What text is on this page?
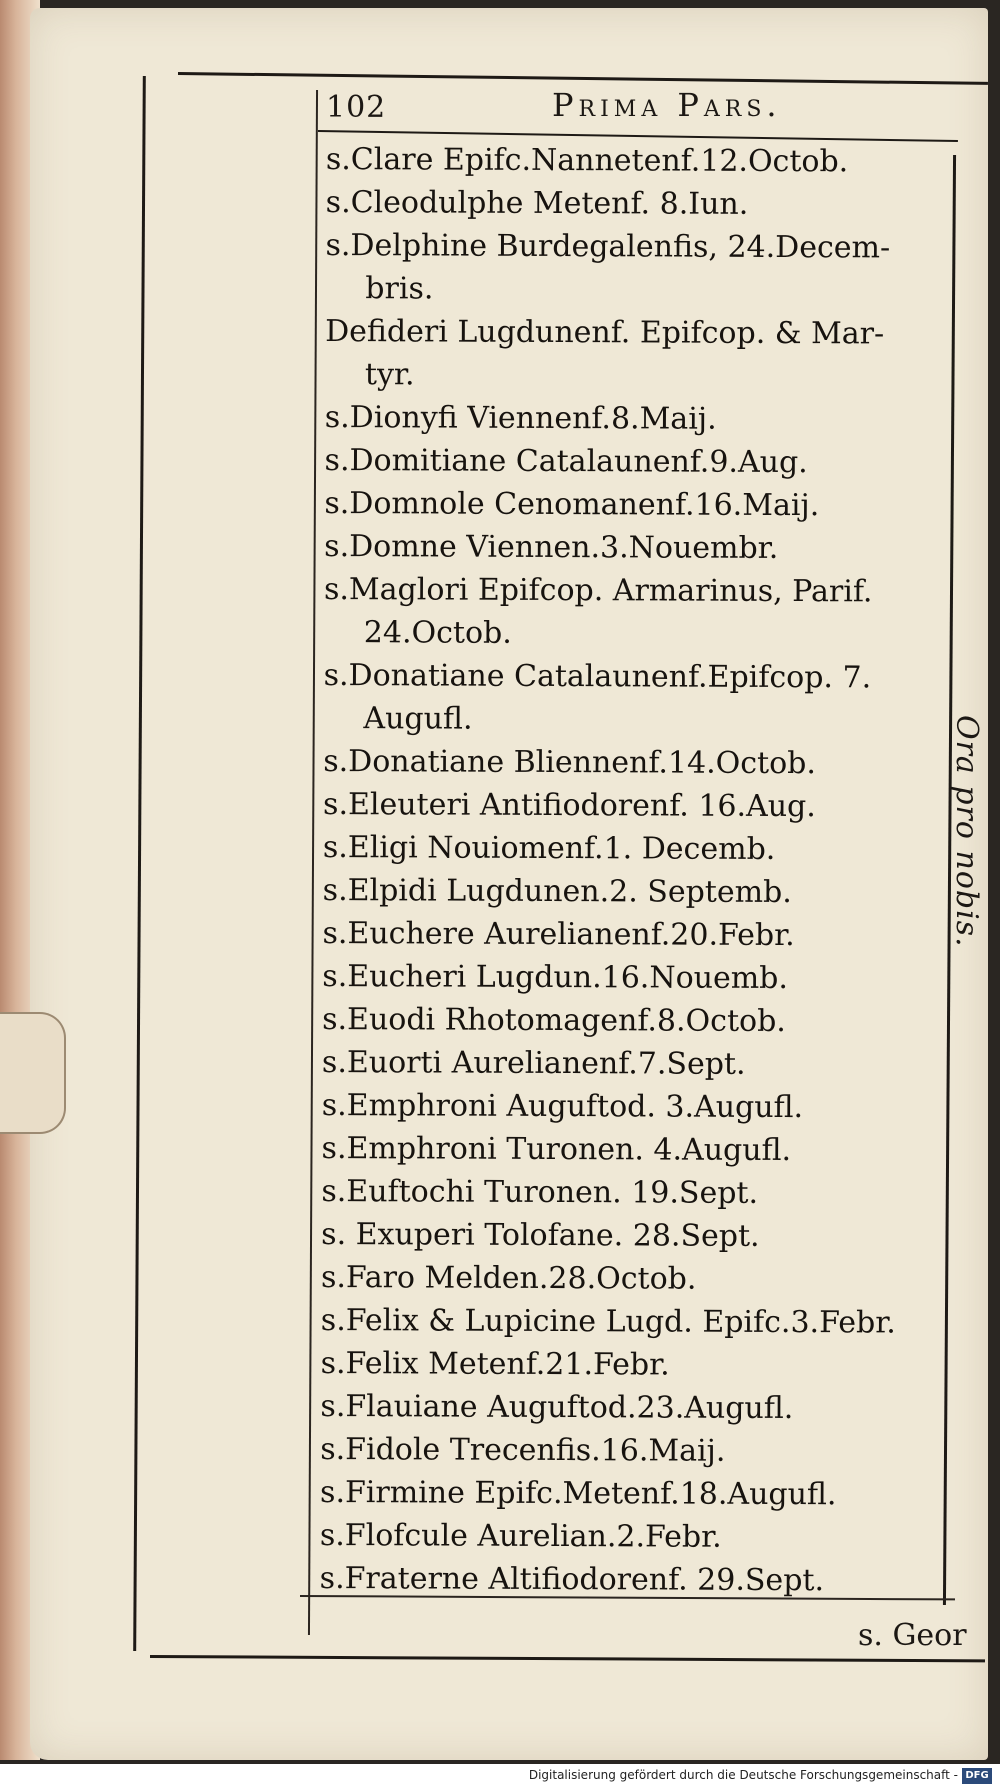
102	Prima Pars.
s.Clare Epifc.Nannetenf.12.Octob.
s.Cleodulphe Metenf. 8.Iun.
s.Delphine Burdegalenfis, 24.Decem-
bris.
Defideri Lugdunenf. Epifcop. & Mar-
tyr.
s.Dionyfi Viennenf.8.Maij.
s.Domitiane Catalaunenf.9.Aug.
s.Domnole Cenomanenf.16.Maij.
s.Domne Viennen.3.Nouembr.
s.Maglori Epifcop. Armarinus, Parif.
24.Octob.
s.Donatiane Catalaunenf.Epifcop. 7.
Augufl.
s.Donatiane Bliennenf.14.Octob.
s.Eleuteri Antifiodorenf. 16.Aug.
s.Eligi Nouiomenf.1. Decemb.
s.Elpidi Lugdunen.2. Septemb.
s.Euchere Aurelianenf.20.Febr.
s.Eucheri Lugdun.16.Nouemb.
s.Euodi Rhotomagenf.8.Octob.
s.Euorti Aurelianenf.7.Sept.
s.Emphroni Auguftod. 3.Augufl.
s.Emphroni Turonen. 4.Augufl.
s.Euftochi Turonen. 19.Sept.
s. Exuperi Tolofane. 28.Sept.
s.Faro Melden.28.Octob.
s.Felix & Lupicine Lugd. Epifc.3.Febr.
s.Felix Metenf.21.Febr.
s.Flauiane Auguftod.23.Augufl.
s.Fidole Trecenfis.16.Maij.
s.Firmine Epifc.Metenf.18.Augufl.
s.Flofcule Aurelian.2.Febr.
s.Fraterne Altifiodorenf. 29.Sept.
Ora pro nobis.
s. Geor
Digitalisierung gefördert durch die Deutsche Forschungsgemeinschaft - DFG
